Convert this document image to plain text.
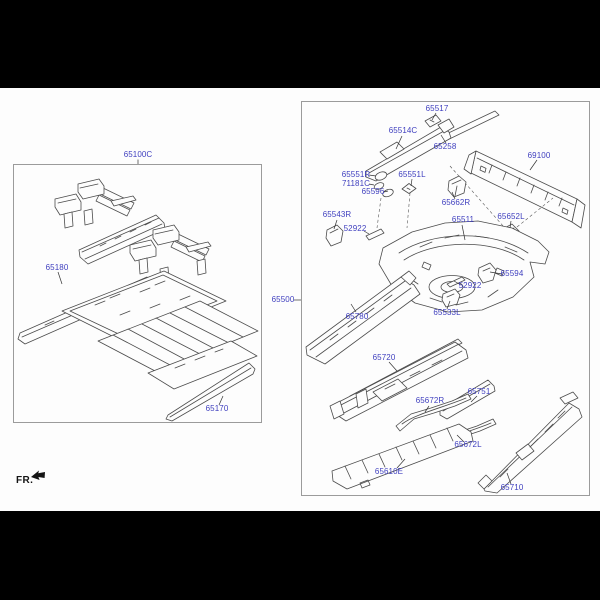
65100C
65500
65180
65170
65517
65514C
65258
69100
65551R	65551L
71181C
65596
65662R
65543R
52922
65511	65652L
65594
52922
65533L
65780
65720
65751
65672R
65672L
65610E
65710
FR.
